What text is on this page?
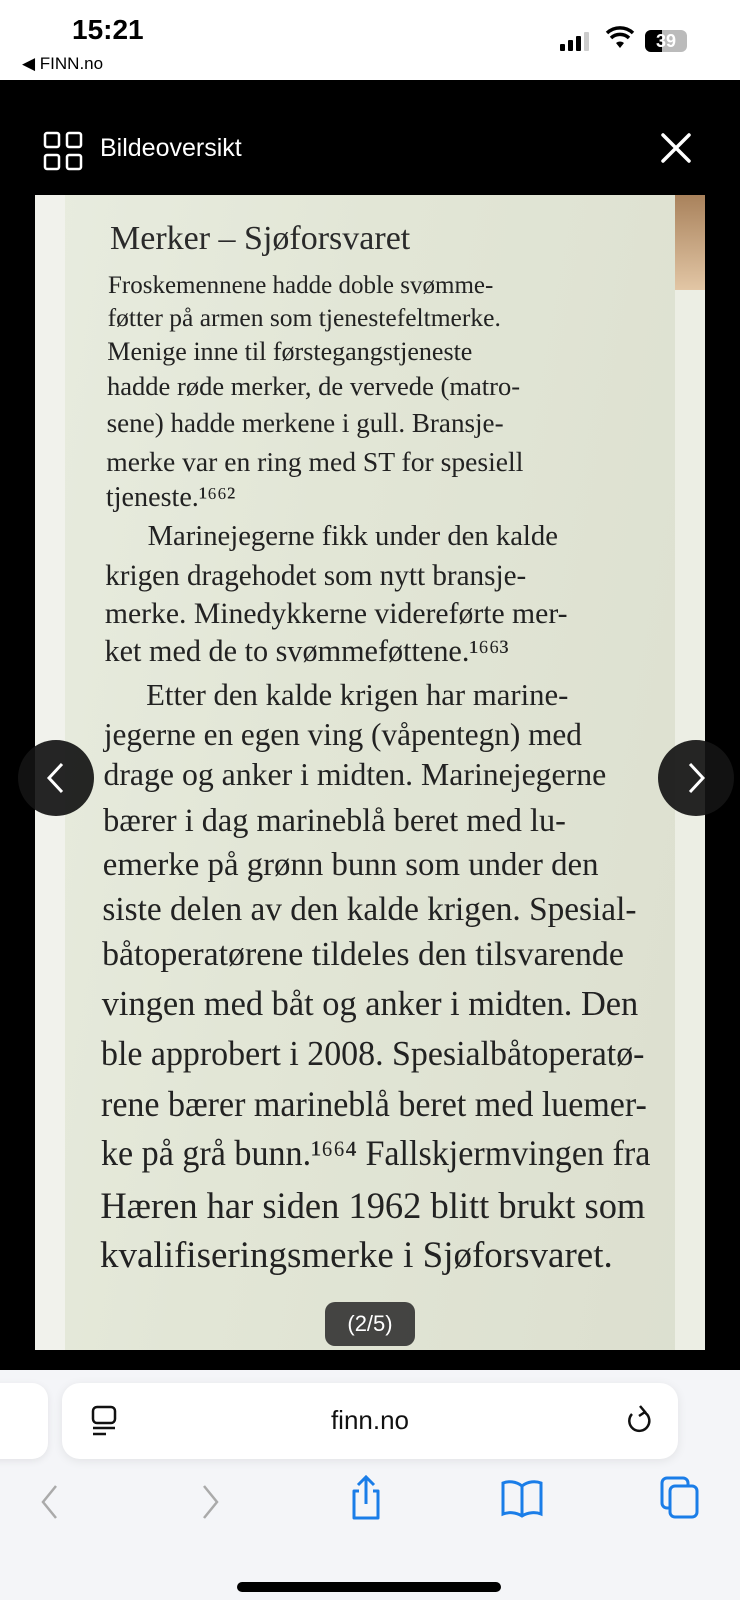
15:21
◀ FINN.no
39
Bildeoversikt
Merker – Sjøforsvaret
Froskemennene hadde doble svømme-
føtter på armen som tjenestefeltmerke.
Menige inne til førstegangstjeneste
hadde røde merker, de vervede (matro-
sene) hadde merkene i gull. Bransje-
merke var en ring med ST for spesiell
tjeneste.¹⁶⁶²
Marinejegerne fikk under den kalde
krigen dragehodet som nytt bransje-
merke. Minedykkerne videreførte mer-
ket med de to svømmeføttene.¹⁶⁶³
Etter den kalde krigen har marine-
jegerne en egen ving (våpentegn) med
drage og anker i midten. Marinejegerne
bærer i dag marineblå beret med lu-
emerke på grønn bunn som under den
siste delen av den kalde krigen. Spesial-
båtoperatørene tildeles den tilsvarende
vingen med båt og anker i midten. Den
ble approbert i 2008. Spesialbåtoperatø-
rene bærer marineblå beret med luemer-
ke på grå bunn.¹⁶⁶⁴ Fallskjermvingen fra
Hæren har siden 1962 blitt brukt som
kvalifiseringsmerke i Sjøforsvaret.
(2/5)
finn.no
